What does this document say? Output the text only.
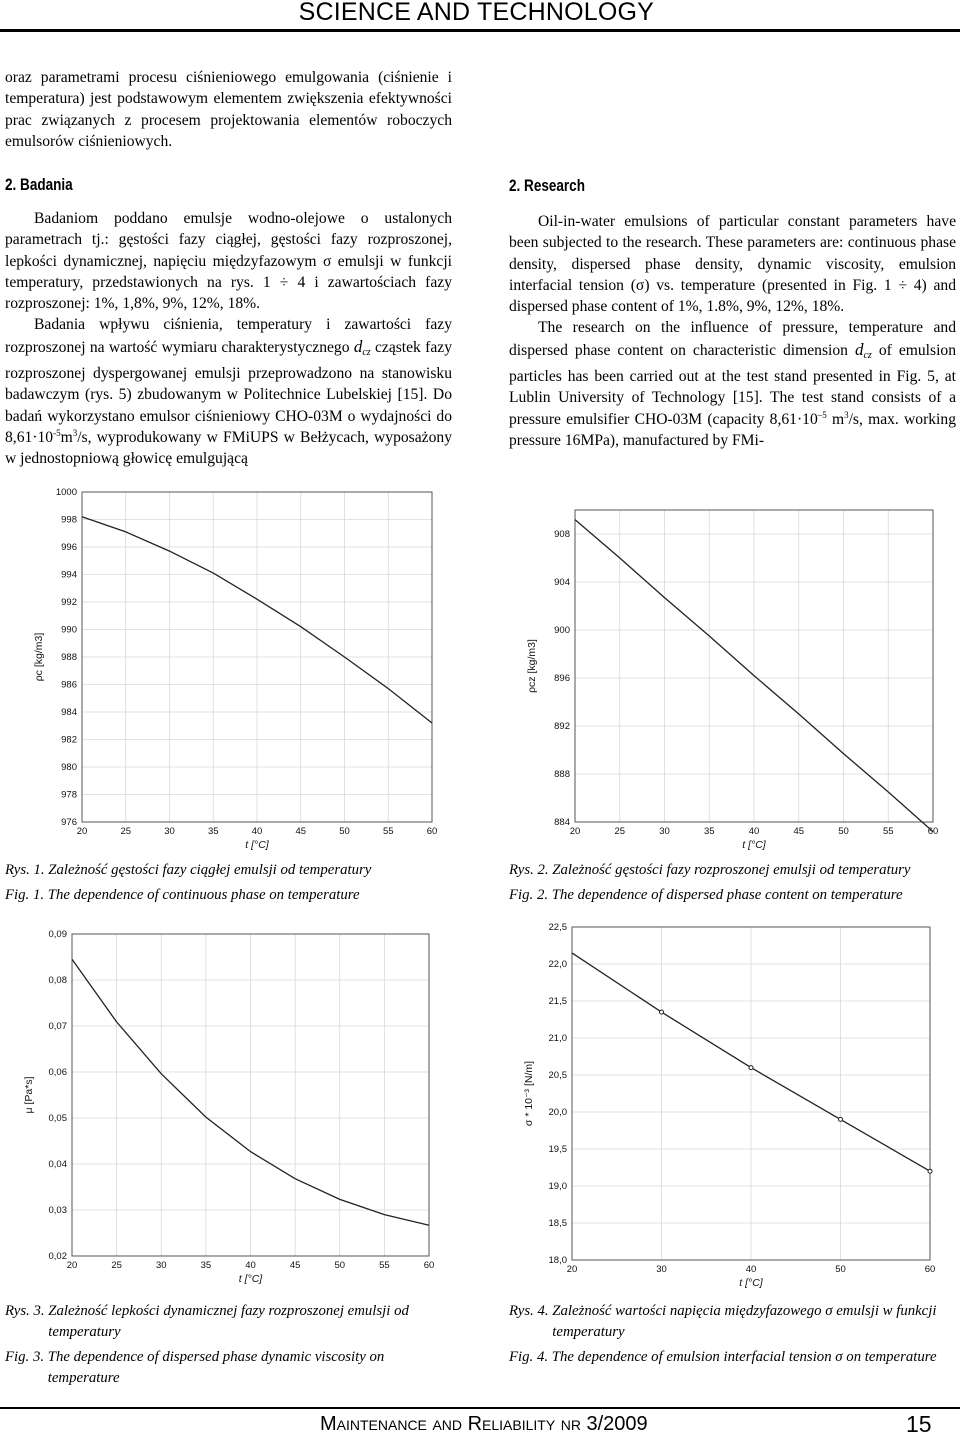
SCIENCE AND TECHNOLOGY

oraz parametrami procesu ciśnieniowego emulgowania (ciśnienie i temperatura) jest podstawowym elementem zwiększenia efektywności prac związanych z procesem projektowania elementów roboczych emulsorów ciśnieniowych.

2. Badania

Badaniom poddano emulsje wodno-olejowe o ustalonych parametrach tj.: gęstości fazy ciągłej, gęstości fazy rozproszonej, lepkości dynamicznej, napięciu międzyfazowym σ emulsji w funkcji temperatury, przedstawionych na rys. 1 ÷ 4 i zawartościach fazy rozproszonej: 1%, 1,8%, 9%, 12%, 18%.

Badania wpływu ciśnienia, temperatury i zawartości fazy rozproszonej na wartość wymiaru charakterystycznego $d_{cz}$ cząstek fazy rozproszonej dyspergowanej emulsji przeprowadzono na stanowisku badawczym (rys. 5) zbudowanym w Politechnice Lubelskiej [15]. Do badań wykorzystano emulsor ciśnieniowy CHO-03M o wydajności do $8,61\cdot 10^{-5}m^3/s$, wyprodukowany w FMiUPS w Bełżycach, wyposażony w jednostopniową głowicę emulgującą

2. Research

Oil-in-water emulsions of particular constant parameters have been subjected to the research. These parameters are: continuous phase density, dispersed phase density, dynamic viscosity, emulsion interfacial tension (σ) vs. temperature (presented in Fig. 1 ÷ 4) and dispersed phase content of 1%, 1.8%, 9%, 12%, 18%.

The research on the influence of pressure, temperature and dispersed phase content on characteristic dimension $d_{cz}$ of emulsion particles has been carried out at the test stand presented in Fig. 5, at Lublin University of Technology [15]. The test stand consists of a pressure emulsifier CHO-03M (capacity $8,61\cdot 10^{-5}$ $m^3/s$, max. working pressure 16MPa), manufactured by FMi-

976
978
980
982
984
986
988
990
992
994
996
998
1000
20	25	30	35	40	45	50	55	60
t [°C]
ρc [kg/m3]
884
888
892
896
900
904
908
20	25	30	35	40	45	50	55	60
t [°C]
ρcz [kg/m3]
0,02
0,03
0,04
0,05
0,06
0,07
0,08
0,09
20	25	30	35	40	45	50	55	60
t [°C]
μ [Pa*s]
18,0
18,5
19,0
19,5
20,0
20,5
21,0
21,5
22,0
22,5
20	30	40	50	60
t [°C]
σ * 10⁻³ [N/m]
Rys. 1. Zależność gęstości fazy ciągłej emulsji od temperatury
Fig. 1. The dependence of continuous phase on temperature
Rys. 2. Zależność gęstości fazy rozproszonej emulsji od temperatury
Fig. 2. The dependence of dispersed phase content on temperature
Rys. 3. Zależność lepkości dynamicznej fazy rozproszonej emulsji od temperatury
Fig. 3. The dependence of dispersed phase dynamic viscosity on temperature
Rys. 4. Zależność wartości napięcia międzyfazowego σ emulsji w funkcji temperatury
Fig. 4. The dependence of emulsion interfacial tension σ on temperature
Maintenance and Reliability nr 3/2009	15
